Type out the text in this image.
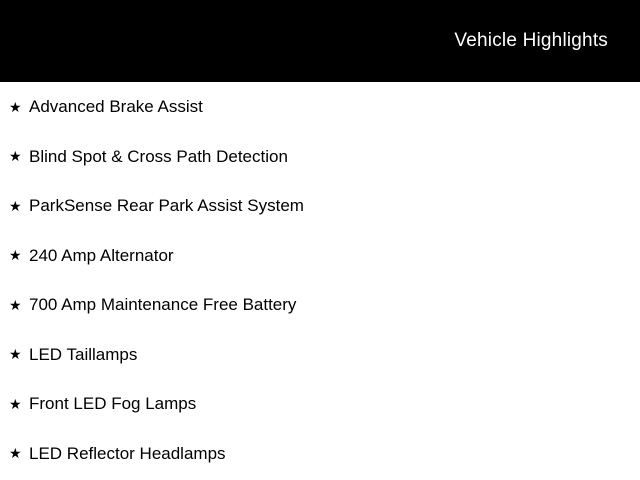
Vehicle Highlights
★ Advanced Brake Assist
★ Blind Spot & Cross Path Detection
★ ParkSense Rear Park Assist System
★ 240 Amp Alternator
★ 700 Amp Maintenance Free Battery
★ LED Taillamps
★ Front LED Fog Lamps
★ LED Reflector Headlamps
